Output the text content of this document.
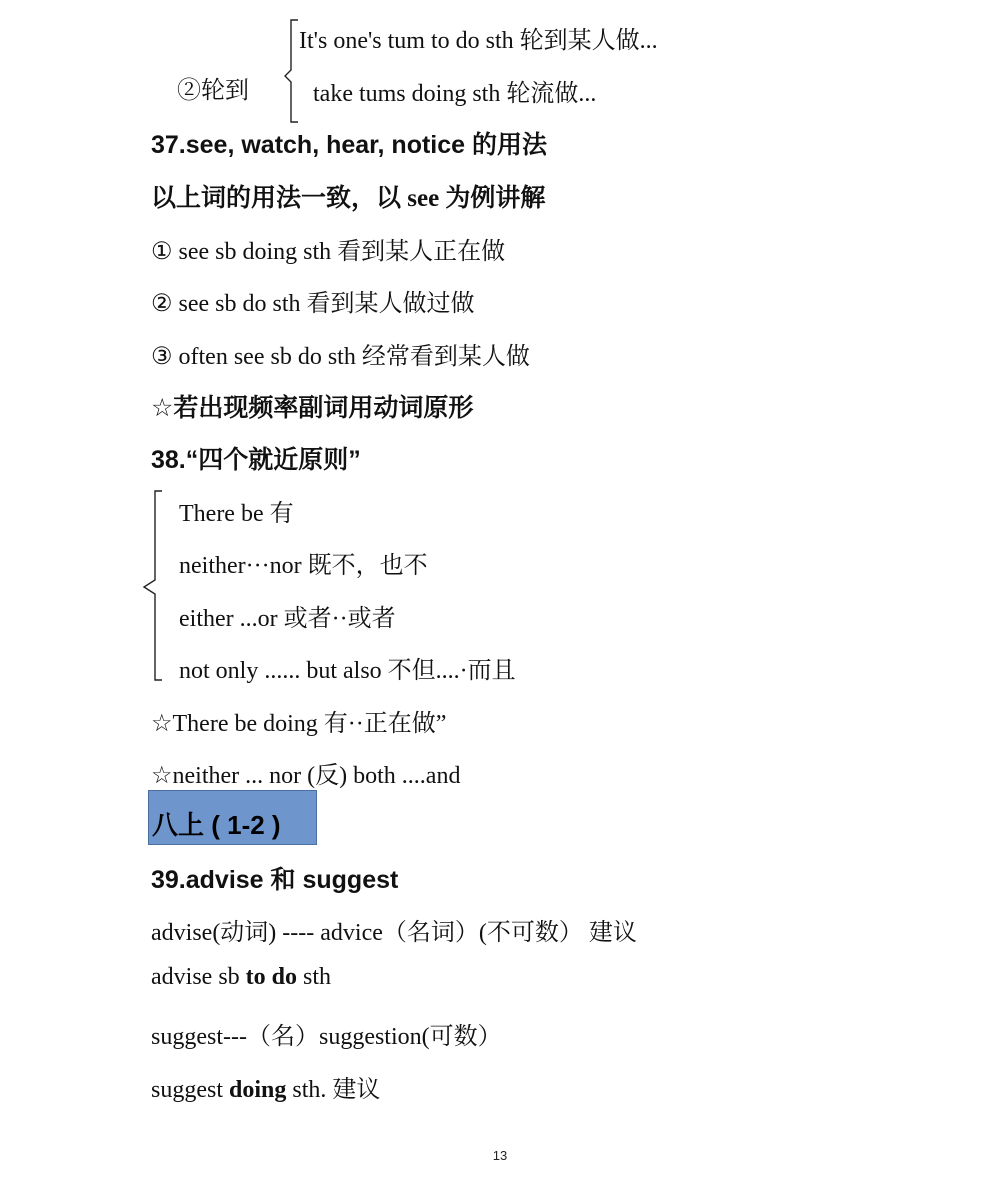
②轮到
It's one's tum to do sth 轮到某人做...
take tums doing sth 轮流做...
37.see, watch, hear, notice 的用法
以上词的用法一致，以 see 为例讲解
① see sb doing sth 看到某人正在做
② see sb do sth 看到某人做过做
③ often see sb do sth 经常看到某人做
☆若出现频率副词用动词原形
38.“四个就近原则”
There be 有
neither···nor 既不，也不
either ...or 或者··或者
not only ...... but also 不但....·而且
☆There be doing 有··正在做”
☆neither ... nor (反) both ....and
八上 ( 1-2 )
39.advise 和 suggest
advise(动词) ---- advice（名词）(不可数） 建议
advise sb to do sth
suggest---（名）suggestion(可数）
suggest doing sth. 建议
13
